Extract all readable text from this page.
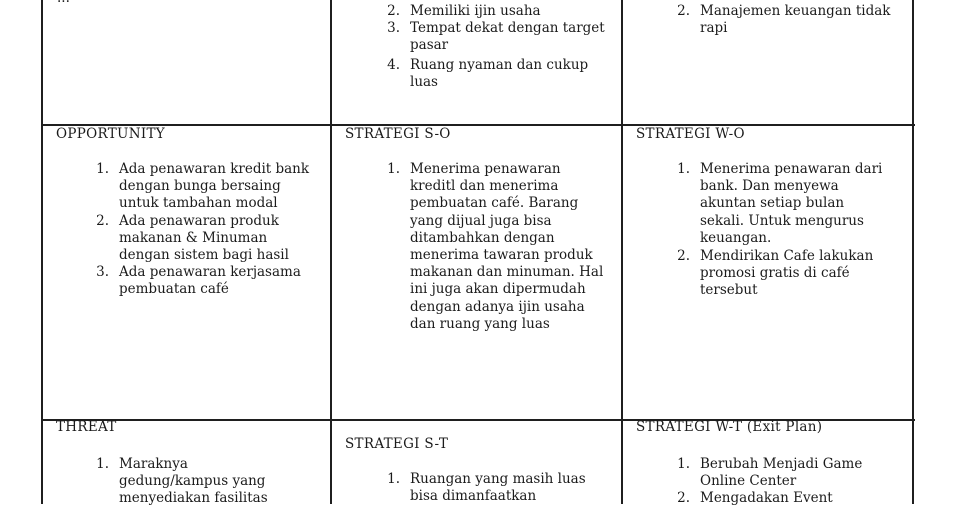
2. Memiliki ijin usaha
3. Tempat dekat dengan target pasar
4. Ruang nyaman dan cukup luas
2. Manajemen keuangan tidak rapi
OPPORTUNITY
1. Ada penawaran kredit bank dengan bunga bersaing untuk tambahan modal
2. Ada penawaran produk makanan & Minuman dengan sistem bagi hasil
3. Ada penawaran kerjasama pembuatan café
STRATEGI S-O
1. Menerima penawaran kreditl dan menerima pembuatan café. Barang yang dijual juga bisa ditambahkan dengan menerima tawaran produk makanan dan minuman. Hal ini juga akan dipermudah dengan adanya ijin usaha dan ruang yang luas
STRATEGI W-O
1. Menerima penawaran dari bank. Dan menyewa akuntan setiap bulan sekali. Untuk mengurus keuangan.
2. Mendirikan Cafe lakukan promosi gratis di café tersebut
THREAT
1. Maraknya gedung/kampus yang menyediakan fasilitas
STRATEGI S-T
1. Ruangan yang masih luas bisa dimanfaatkan
STRATEGI W-T (Exit Plan)
1. Berubah Menjadi Game Online Center
2. Mengadakan Event
